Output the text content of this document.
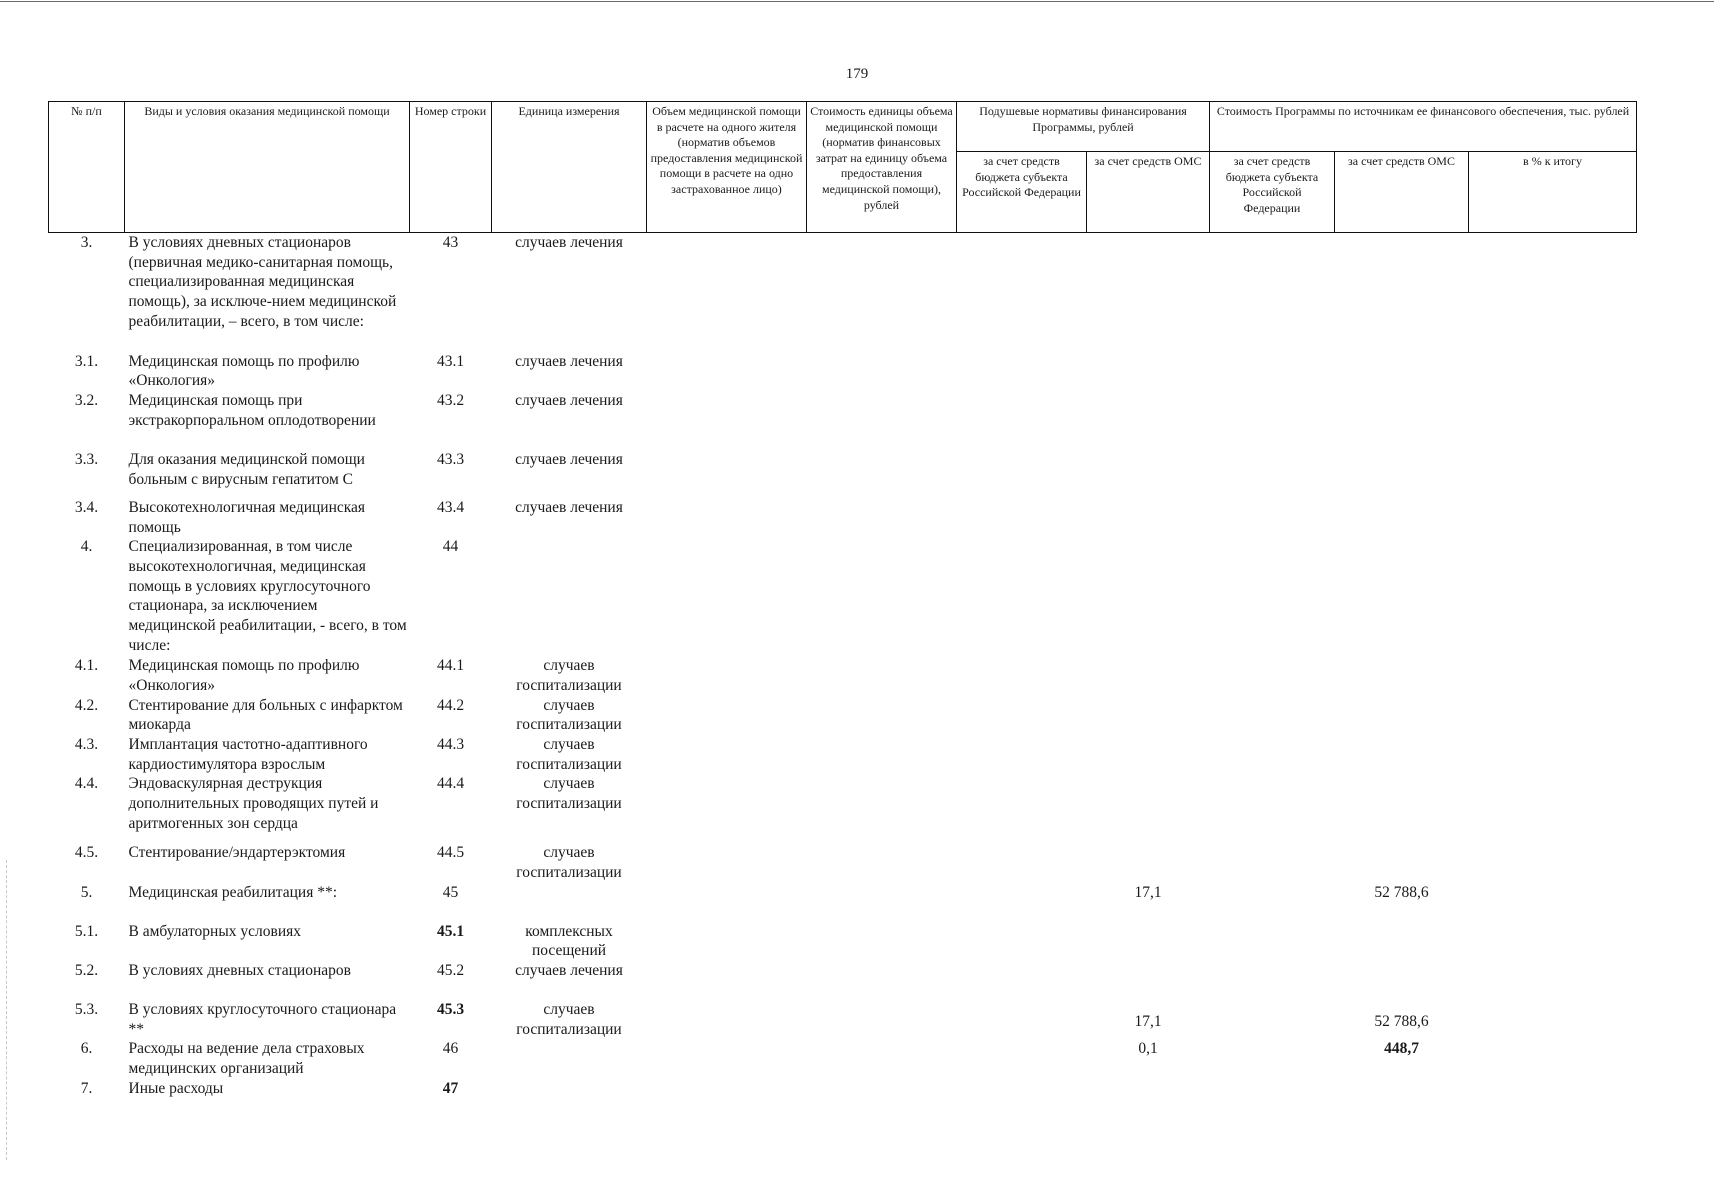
179
№ п/п	Виды и условия оказания медицинской помощи	Номер строки	Единица измерения	Объем медицинской помощи в расчете на одного жителя (норматив объемов предоставления медицинской помощи в расчете на одно застрахованное лицо)	Стоимость единицы объема медицинской помощи (норматив финансовых затрат на единицу объема предоставления медицинской помощи), рублей	Подушевые нормативы финансирования Программы, рублей		Стоимость Программы по источникам ее финансового обеспечения, тыс. рублей		
						за счет средств бюджета субъекта Российской Федерации	за счет средств ОМС	за счет средств бюджета субъекта Российской Федерации	за счет средств ОМС	в % к итогу
3.	В условиях дневных стационаров (первичная медико-санитарная помощь, специализированная медицинская помощь), за исключе-нием медицинской реабилитации, – всего, в том числе:	43	случаев лечения							
3.1.	Медицинская помощь по профилю «Онкология»	43.1	случаев лечения							
3.2.	Медицинская помощь при экстракорпоральном оплодотворении	43.2	случаев лечения							
3.3.	Для оказания медицинской помощи больным с вирусным гепатитом С	43.3	случаев лечения							
3.4.	Высокотехнологичная медицинская помощь	43.4	случаев лечения							
4.	Специализированная, в том числе высокотехнологичная, медицинская помощь в условиях круглосуточного стационара, за исключением медицинской реабилитации, - всего, в том числе:	44								
4.1.	Медицинская помощь по профилю «Онкология»	44.1	случаев госпитализации							
4.2.	Стентирование для больных с инфарктом миокарда	44.2	случаев госпитализации							
4.3.	Имплантация частотно-адаптивного кардиостимулятора взрослым	44.3	случаев госпитализации							
4.4.	Эндоваскулярная деструкция дополнительных проводящих путей и аритмогенных зон сердца	44.4	случаев госпитализации							
4.5.	Стентирование/эндартерэктомия	44.5	случаев госпитализации							
5.	Медицинская реабилитация **:	45					17,1		52 788,6	
5.1.	В амбулаторных условиях	45.1	комплексных посещений							
5.2.	В условиях дневных стационаров	45.2	случаев лечения							
5.3.	В условиях круглосуточного стационара **	45.3	случаев госпитализации				17,1		52 788,6	
6.	Расходы на ведение дела страховых медицинских организаций	46					0,1		448,7	
7.	Иные расходы	47								
